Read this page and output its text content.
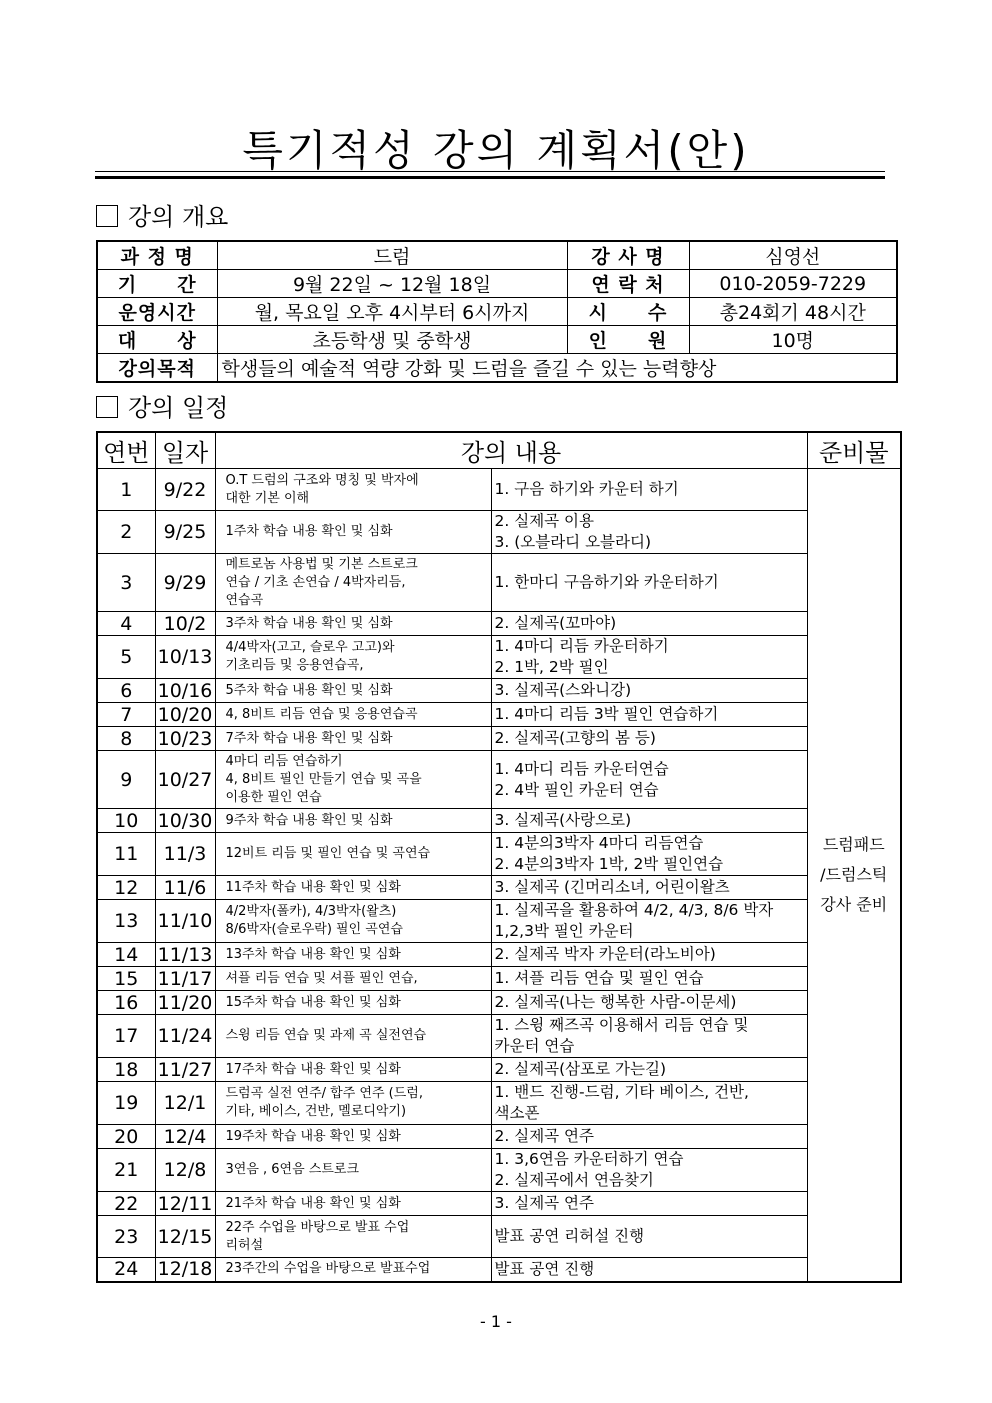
특기적성 강의 계획서(안)
강의 개요
과 정 명	드럼	강 사 명	심영선
기　　간	9월 22일 ~ 12월 18일	연 락 처	010-2059-7229
운영시간	월, 목요일 오후 4시부터 6시까지	시　　수	총24회기 48시간
대　　상	초등학생 및 중학생	인　　원	10명
강의목적	학생들의 예술적 역량 강화 및 드럼을 즐길 수 있는 능력향상		
강의 일정
연번	일자	강의 내용		준비물
1	9/22	O.T 드럼의 구조와 명칭 및 박자에
대한 기본 이해	1. 구음 하기와 카운터 하기	드럼패드
/드럼스틱
강사 준비

2	9/25	1주차 학습 내용 확인 및 심화	2. 실제곡 이용
3. (오블라디 오블라디)	

3	9/29	메트로놈 사용법 및 기본 스트로크
연습 / 기초 손연습 / 4박자리듬,
연습곡	1. 한마디 구음하기와 카운터하기	

4	10/2	3주차 학습 내용 확인 및 심화	2. 실제곡(꼬마야)	

5	10/13	4/4박자(고고, 슬로우 고고)와
기초리듬 및 응용연습곡,	1. 4마디 리듬 카운터하기
2. 1박, 2박 필인	

6	10/16	5주차 학습 내용 확인 및 심화	3. 실제곡(스와니강)	

7	10/20	4, 8비트 리듬 연습 및 응용연습곡	1. 4마디 리듬 3박 필인 연습하기	

8	10/23	7주차 학습 내용 확인 및 심화	2. 실제곡(고향의 봄 등)	

9	10/27	4마디 리듬 연습하기
4, 8비트 필인 만들기 연습 및 곡을
이용한 필인 연습	1. 4마디 리듬 카운터연습
2. 4박 필인 카운터 연습	

10	10/30	9주차 학습 내용 확인 및 심화	3. 실제곡(사랑으로)	

11	11/3	12비트 리듬 및 필인 연습 및 곡연습	1. 4분의3박자 4마디 리듬연습
2. 4분의3박자 1박, 2박 필인연습	

12	11/6	11주차 학습 내용 확인 및 심화	3. 실제곡 (긴머리소녀, 어린이왈츠	

13	11/10	4/2박자(폴카), 4/3박자(왈츠)
8/6박자(슬로우락) 필인 곡연습	1. 실제곡을 활용하여 4/2, 4/3, 8/6 박자
1,2,3박 필인 카운터	

14	11/13	13주차 학습 내용 확인 및 심화	2. 실제곡 박자 카운터(라노비아)	

15	11/17	셔플 리듬 연습 및 셔플 필인 연습,	1. 셔플 리듬 연습 및 필인 연습	

16	11/20	15주차 학습 내용 확인 및 심화	2. 실제곡(나는 행복한 사람-이문세)	

17	11/24	스윙 리듬 연습 및 과제 곡 실전연습	1. 스윙 째즈곡 이용해서 리듬 연습 및
카운터 연습	

18	11/27	17주차 학습 내용 확인 및 심화	2. 실제곡(삼포로 가는길)	

19	12/1	드럼곡 실전 연주/ 합주 연주 (드럼,
기타, 베이스, 건반, 멜로디악기)	1. 밴드 진행-드럼, 기타 베이스, 건반,
색소폰	

20	12/4	19주차 학습 내용 확인 및 심화	2. 실제곡 연주	

21	12/8	3연음 , 6연음 스트로크	1. 3,6연음 카운터하기 연습
2. 실제곡에서 연음찾기	

22	12/11	21주차 학습 내용 확인 및 심화	3. 실제곡 연주	

23	12/15	22주 수업을 바탕으로 발표 수업
리허설	발표 공연 리허설 진행	

24	12/18	23주간의 수업을 바탕으로 발표수업	발표 공연 진행	
- 1 -
